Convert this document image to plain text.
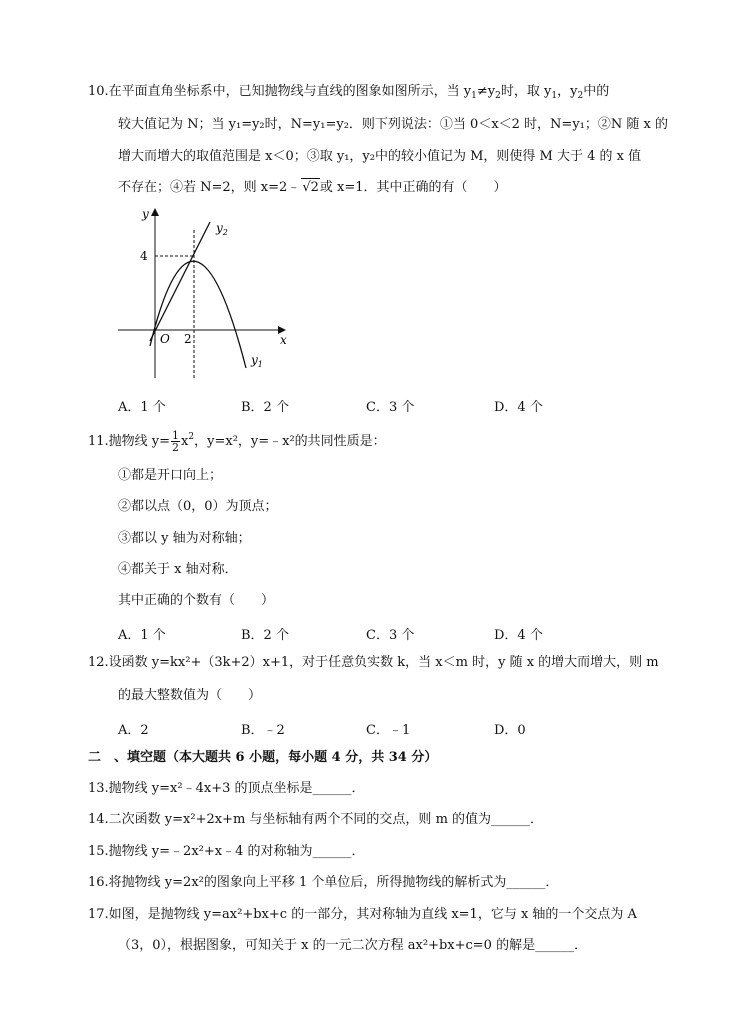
10.在平面直角坐标系中，已知抛物线与直线的图象如图所示，当 $y_1\ne y_2$时，取 $y_1$，$y_2$中的
较大值记为 N；当 y₁=y₂时，N=y₁=y₂．则下列说法：①当 0＜x＜2 时，N=y₁；②N 随 x 的
增大而增大的取值范围是 x＜0；③取 y₁，y₂中的较小值记为 M，则使得 M 大于 4 的 x 值
不存在；④若 N=2，则 x=2﹣ √2或 x=1．其中正确的有（　　）
y
x
O 2
4
$y_2$
$y_1$
A．1 个	B．2 个	C．3 个	D．4 个
11.抛物线 $y= \frac{1}{2} x^2$，y=x²，y=﹣x²的共同性质是：
①都是开口向上；
②都以点（0，0）为顶点；
③都以 y 轴为对称轴；
④都关于 x 轴对称．
其中正确的个数有（　　）
A．1 个	B．2 个	C．3 个	D．4 个
12.设函数 y=kx²+（3k+2）x+1，对于任意负实数 k，当 x＜m 时，y 随 x 的增大而增大，则 m
的最大整数值为（　　）
A．2	B．﹣2	C．﹣1	D．0
二　、填空题（本大题共 6 小题，每小题 4 分，共 34 分）
13.抛物线 y=x²﹣4x+3 的顶点坐标是______．
14.二次函数 y=x²+2x+m 与坐标轴有两个不同的交点，则 m 的值为______．
15.抛物线 y=﹣2x²+x﹣4 的对称轴为______．
16.将抛物线 y=2x²的图象向上平移 1 个单位后，所得抛物线的解析式为______．
17.如图，是抛物线 y=ax²+bx+c 的一部分，其对称轴为直线 x=1，它与 x 轴的一个交点为 A
（3，0），根据图象，可知关于 x 的一元二次方程 ax²+bx+c=0 的解是______．
